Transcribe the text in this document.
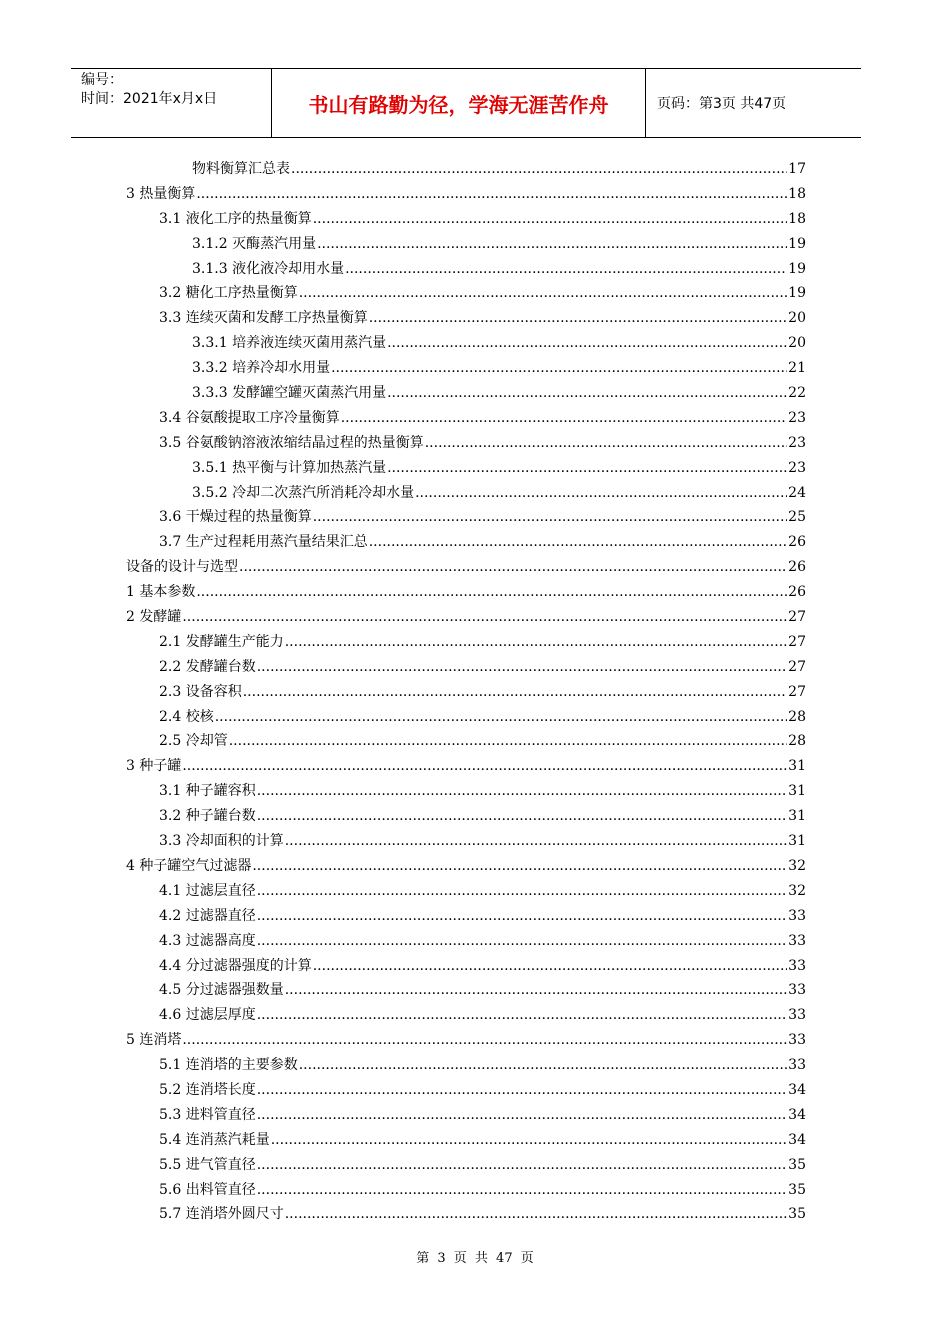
编号：
时间：2021年x月x日	书山有路勤为径，学海无涯苦作舟	页码：第3页 共47页
物料衡算汇总表 .....	17
3 热量衡算 .....	18
3.1 液化工序的热量衡算 .....	18
3.1.2 灭酶蒸汽用量 .....	19
3.1.3 液化液冷却用水量 .....	19
3.2 糖化工序热量衡算 .....	19
3.3 连续灭菌和发酵工序热量衡算 .....	20
3.3.1 培养液连续灭菌用蒸汽量 .....	20
3.3.2 培养冷却水用量 .....	21
3.3.3 发酵罐空罐灭菌蒸汽用量 .....	22
3.4 谷氨酸提取工序冷量衡算 .....	23
3.5 谷氨酸钠溶液浓缩结晶过程的热量衡算 .....	23
3.5.1 热平衡与计算加热蒸汽量 .....	23
3.5.2 冷却二次蒸汽所消耗冷却水量 .....	24
3.6 干燥过程的热量衡算 .....	25
3.7 生产过程耗用蒸汽量结果汇总 .....	26
设备的设计与选型 .....	26
1 基本参数 .....	26
2 发酵罐 .....	27
2.1 发酵罐生产能力 .....	27
2.2 发酵罐台数 .....	27
2.3 设备容积 .....	27
2.4 校核 .....	28
2.5 冷却管 .....	28
3 种子罐 .....	31
3.1 种子罐容积 .....	31
3.2 种子罐台数 .....	31
3.3 冷却面积的计算 .....	31
4 种子罐空气过滤器 .....	32
4.1 过滤层直径 .....	32
4.2 过滤器直径 .....	33
4.3 过滤器高度 .....	33
4.4 分过滤器强度的计算 .....	33
4.5 分过滤器强数量 .....	33
4.6 过滤层厚度 .....	33
5 连消塔 .....	33
5.1 连消塔的主要参数 .....	33
5.2 连消塔长度 .....	34
5.3 进料管直径 .....	34
5.4 连消蒸汽耗量 .....	34
5.5 进气管直径 .....	35
5.6 出料管直径 .....	35
5.7 连消塔外圆尺寸 .....	35
第 3 页 共 47 页
